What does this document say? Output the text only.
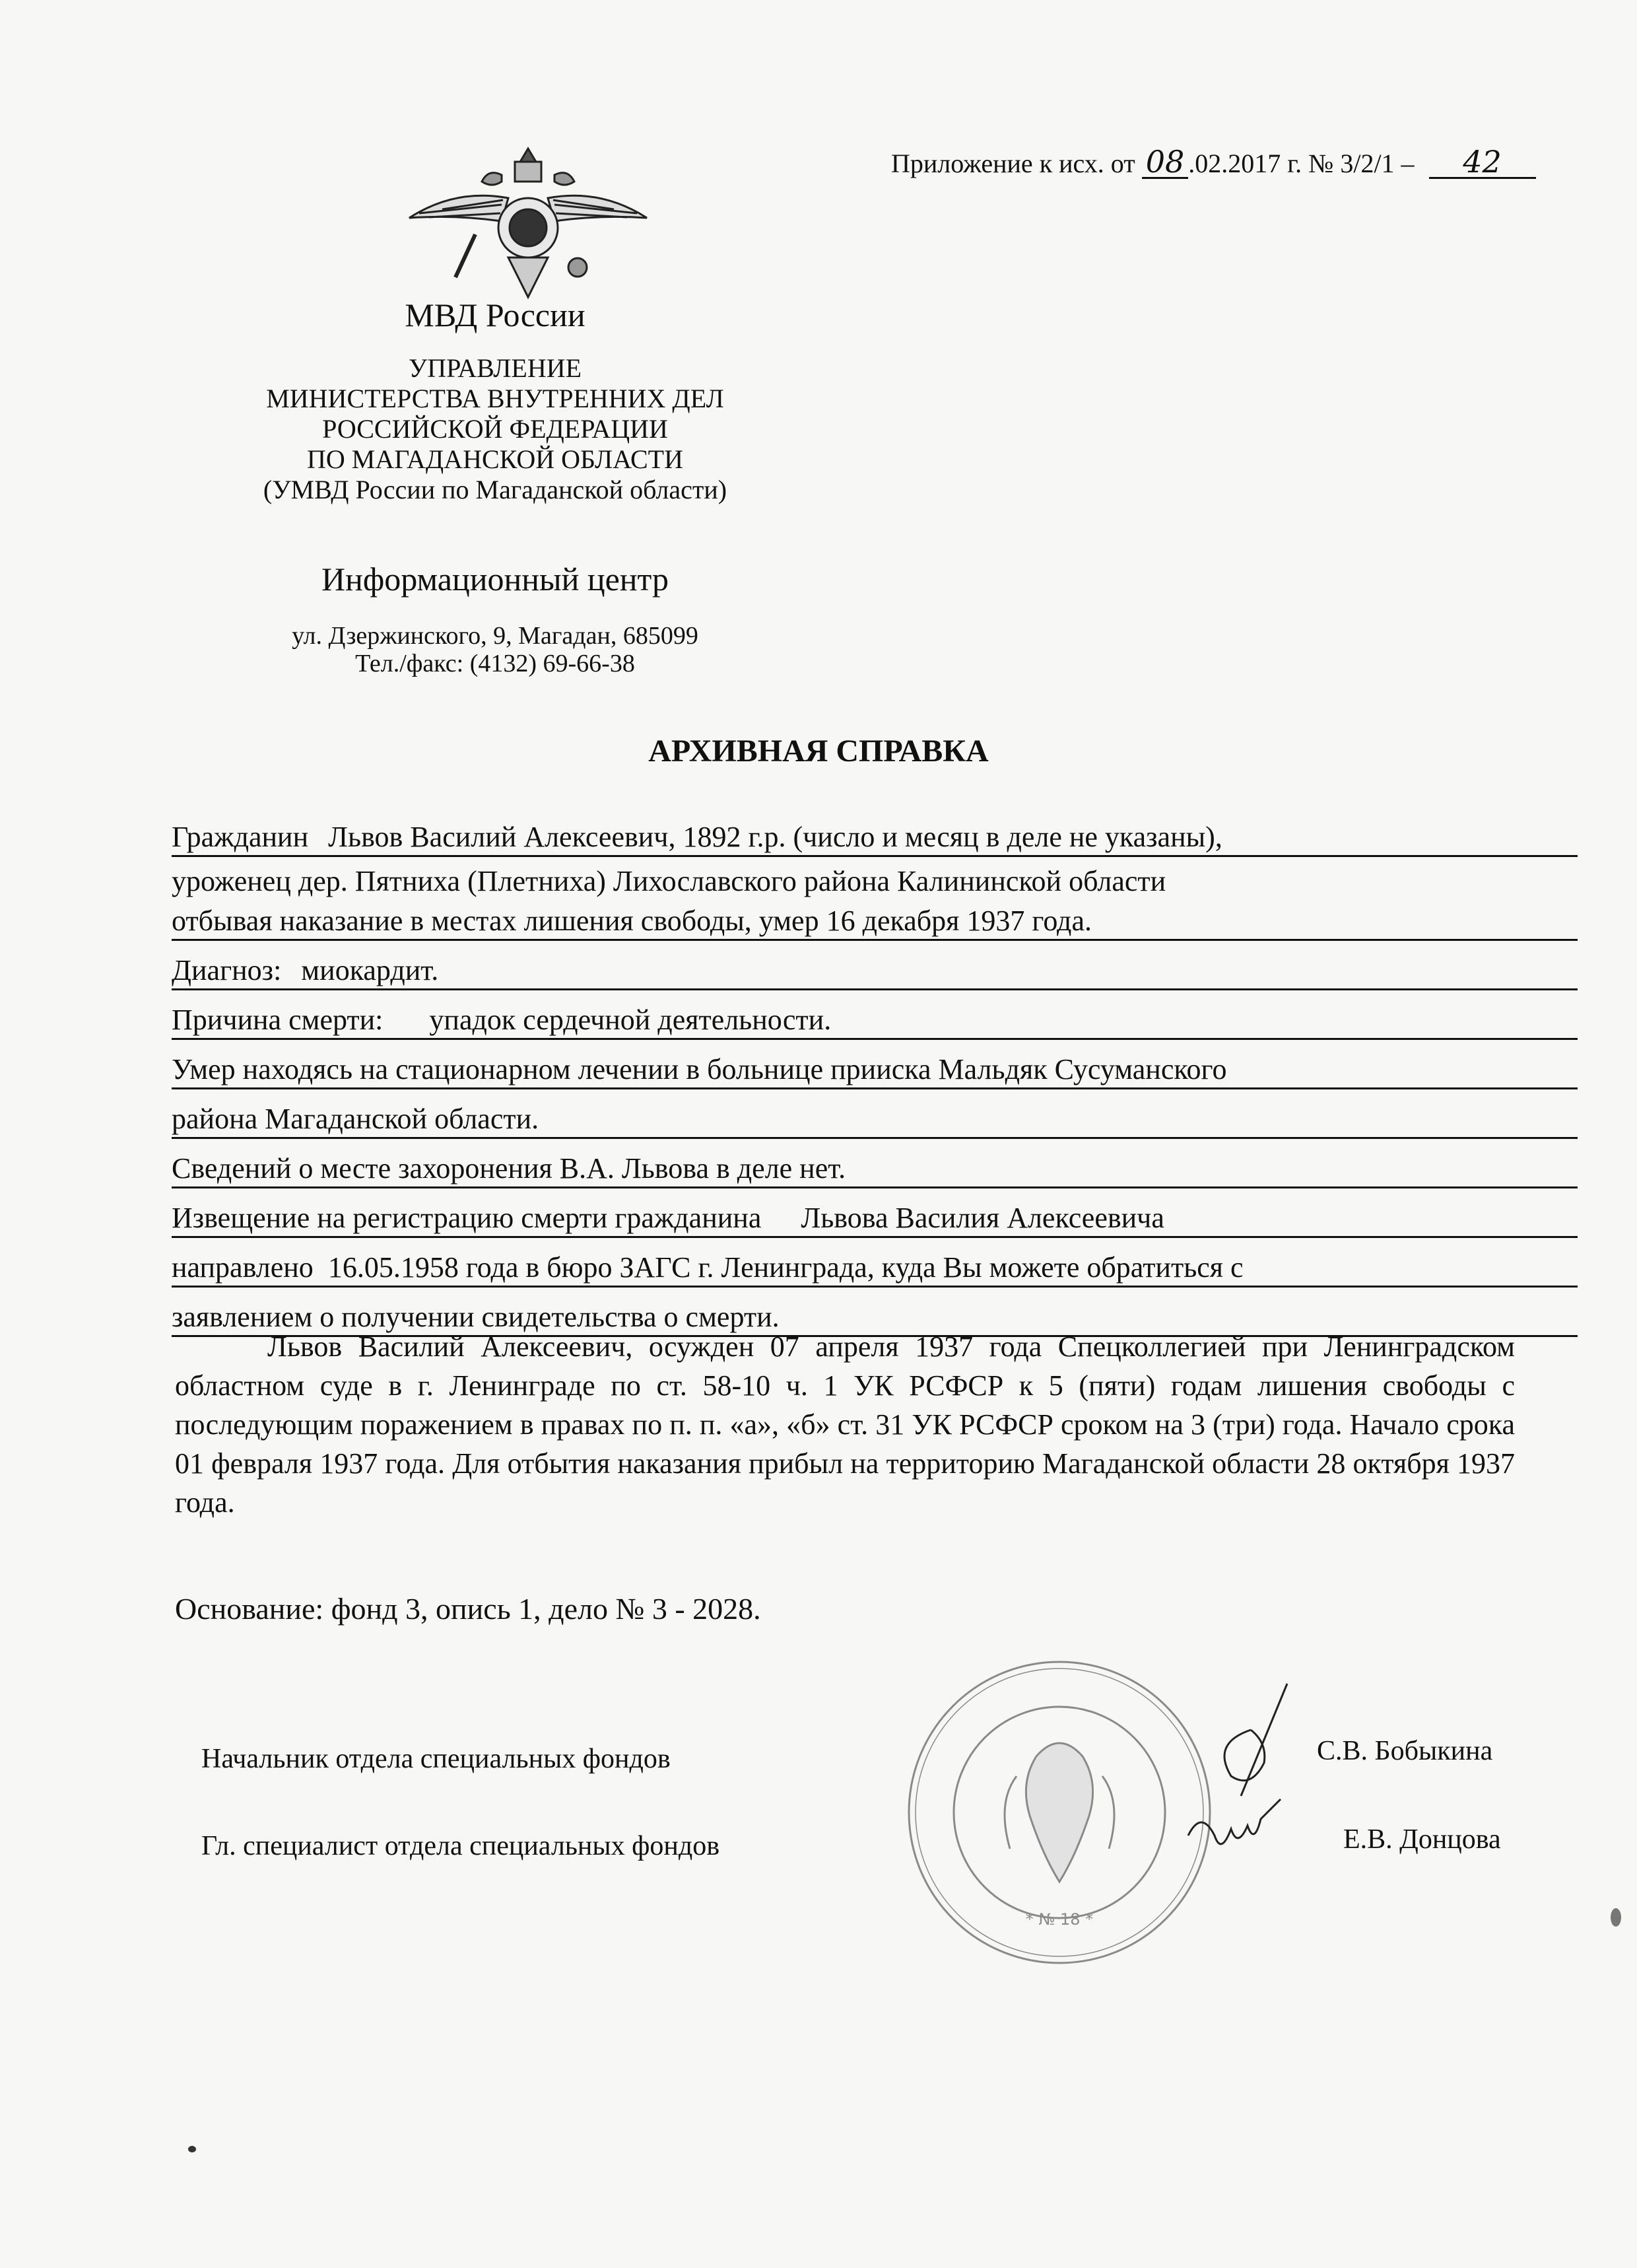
Приложение к исх. от 08 .02.2017 г. № 3/2/1 – 42
МВД России
УПРАВЛЕНИЕ
МИНИСТЕРСТВА ВНУТРЕННИХ ДЕЛ
РОССИЙСКОЙ ФЕДЕРАЦИИ
ПО МАГАДАНСКОЙ ОБЛАСТИ
(УМВД России по Магаданской области)
Информационный центр
ул. Дзержинского, 9, Магадан, 685099
Тел./факс: (4132) 69-66-38
АРХИВНАЯ СПРАВКА
Гражданин Львов Василий Алексеевич, 1892 г.р. (число и месяц в деле не указаны),
уроженец дер. Пятниха (Плетниха) Лихославского района Калининской области
отбывая наказание в местах лишения свободы, умер 16 декабря 1937 года.
Диагноз: миокардит.
Причина смерти: упадок сердечной деятельности.
Умер находясь на стационарном лечении в больнице прииска Мальдяк Сусуманского
района Магаданской области.
Сведений о месте захоронения В.А. Львова в деле нет.
Извещение на регистрацию смерти гражданина Львова Василия Алексеевича
направлено 16.05.1958 года в бюро ЗАГС г. Ленинграда, куда Вы можете обратиться с
заявлением о получении свидетельства о смерти.
Львов Василий Алексеевич, осужден 07 апреля 1937 года Спецколлегией при Ленинградском областном суде в г. Ленинграде по ст. 58-10 ч. 1 УК РСФСР к 5 (пяти) годам лишения свободы с последующим поражением в правах по п. п. «а», «б» ст. 31 УК РСФСР сроком на 3 (три) года. Начало срока 01 февраля 1937 года. Для отбытия наказания прибыл на территорию Магаданской области 28 октября 1937 года.
Основание: фонд 3, опись 1, дело № 3 - 2028.
Начальник отдела специальных фондов	С.В. Бобыкина
Гл. специалист отдела специальных фондов	Е.В. Донцова
* № 18 *
